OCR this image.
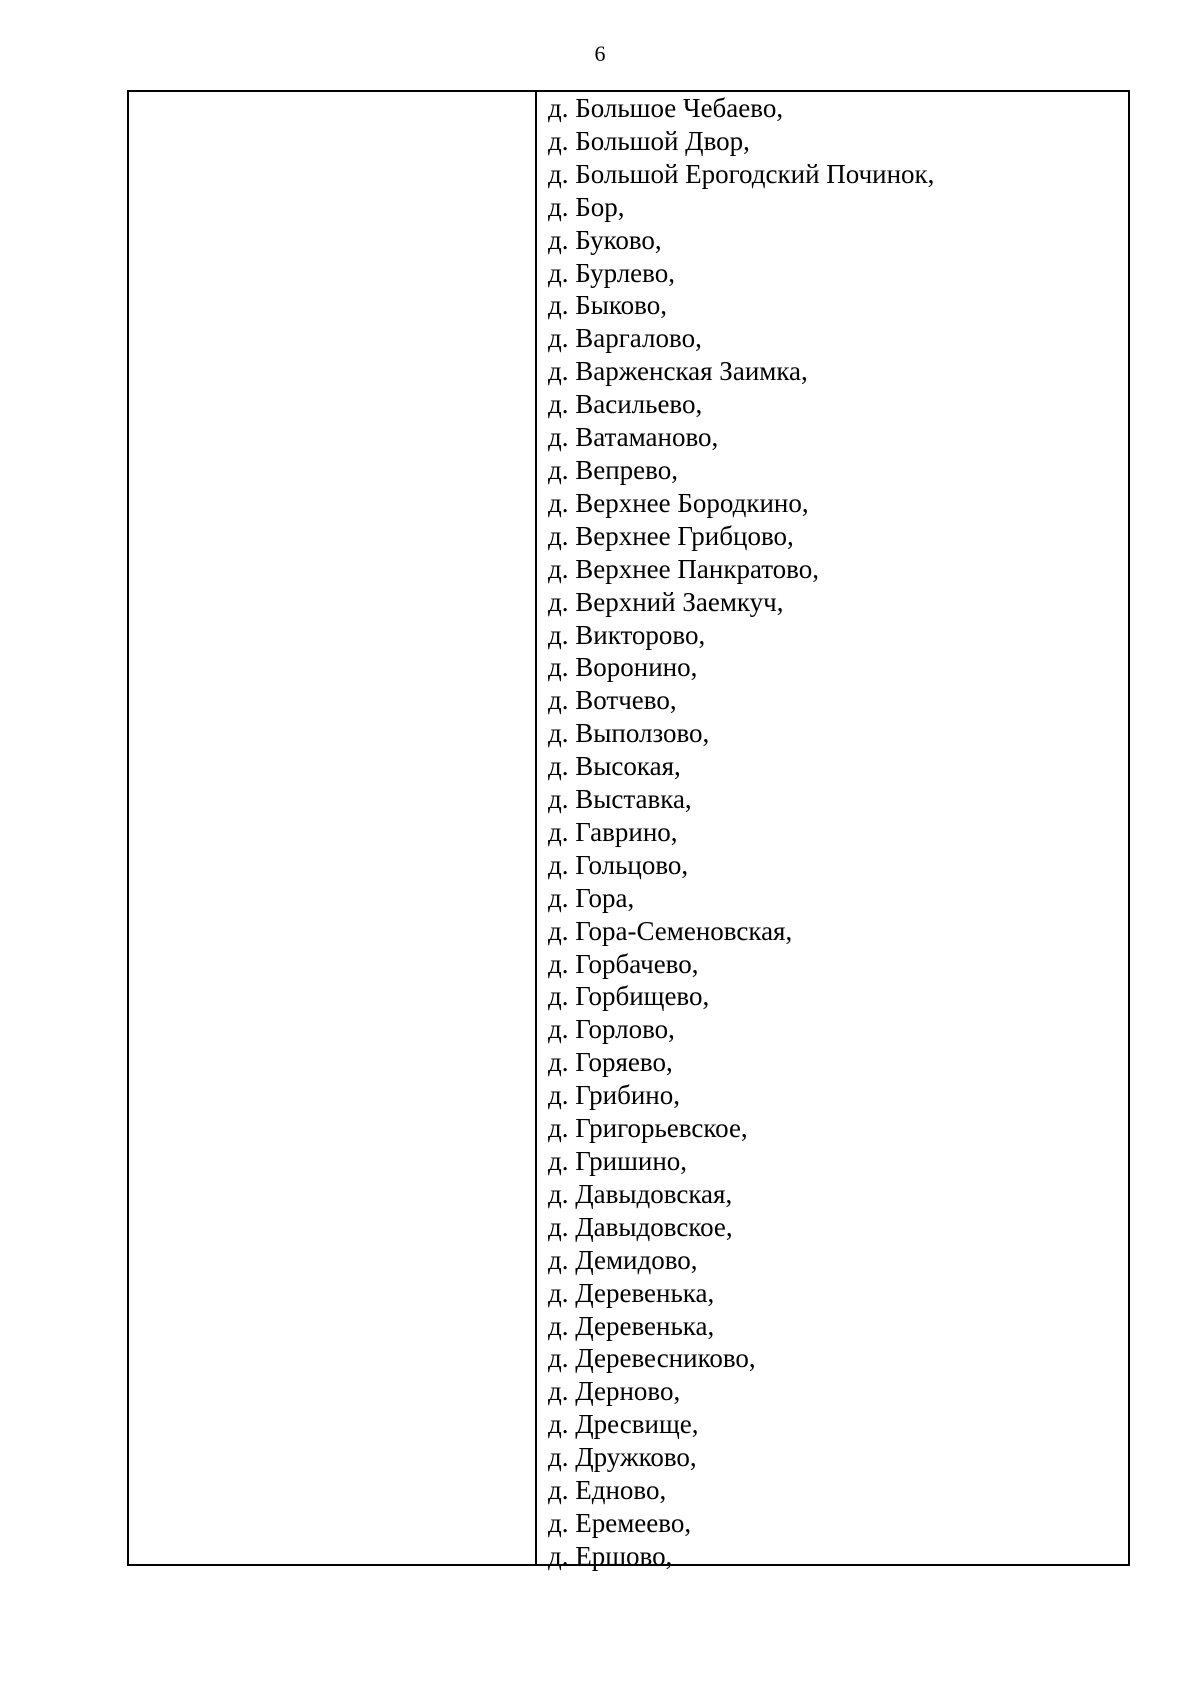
6
д. Большое Чебаево,
д. Большой Двор,
д. Большой Ерогодский Починок,
д. Бор,
д. Буково,
д. Бурлево,
д. Быково,
д. Варгалово,
д. Варженская Заимка,
д. Васильево,
д. Ватаманово,
д. Вепрево,
д. Верхнее Бородкино,
д. Верхнее Грибцово,
д. Верхнее Панкратово,
д. Верхний Заемкуч,
д. Викторово,
д. Воронино,
д. Вотчево,
д. Выползово,
д. Высокая,
д. Выставка,
д. Гаврино,
д. Гольцово,
д. Гора,
д. Гора-Семеновская,
д. Горбачево,
д. Горбищево,
д. Горлово,
д. Горяево,
д. Грибино,
д. Григорьевское,
д. Гришино,
д. Давыдовская,
д. Давыдовское,
д. Демидово,
д. Деревенька,
д. Деревенька,
д. Деревесниково,
д. Дерново,
д. Дресвище,
д. Дружково,
д. Едново,
д. Еремеево,
д. Ершово,
